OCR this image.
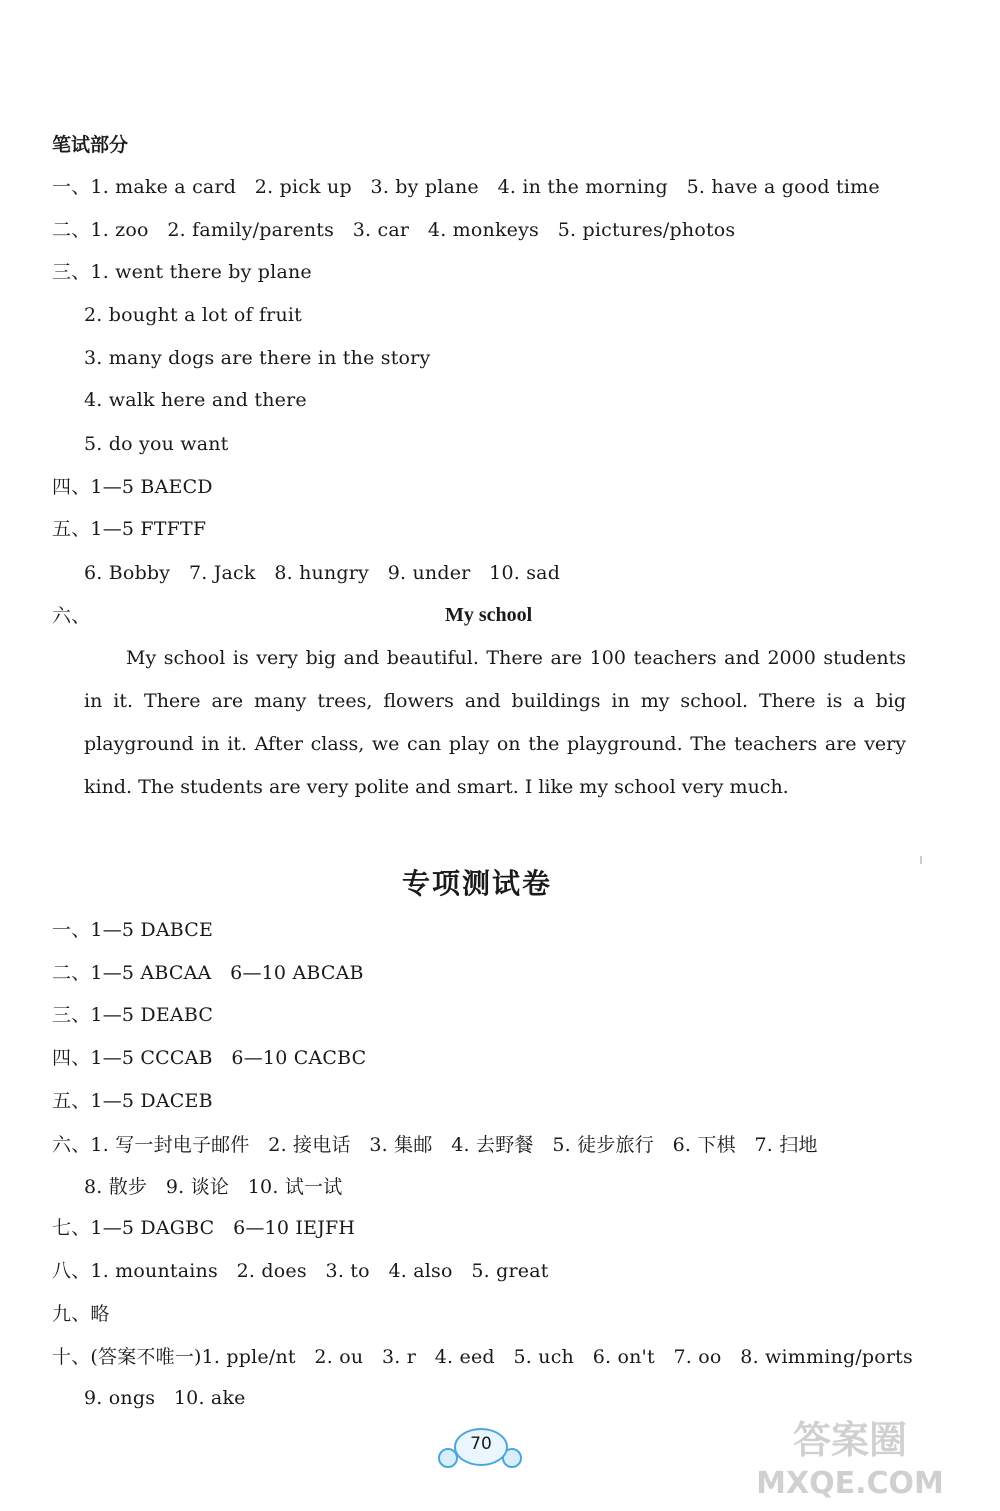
笔试部分
一、1. make a card   2. pick up   3. by plane   4. in the morning   5. have a good time
二、1. zoo   2. family/parents   3. car   4. monkeys   5. pictures/photos
三、1. went there by plane
2. bought a lot of fruit
3. many dogs are there in the story
4. walk here and there
5. do you want
四、1—5 BAECD
五、1—5 FTFTF
6. Bobby   7. Jack   8. hungry   9. under   10. sad
六、	My school
My school is very big and beautiful. There are 100 teachers and 2000 students in it. There are many trees, flowers and buildings in my school. There is a big playground in it. After class, we can play on the playground. The teachers are very kind. The students are very polite and smart. I like my school very much.
专项测试卷
一、1—5 DABCE
二、1—5 ABCAA   6—10 ABCAB
三、1—5 DEABC
四、1—5 CCCAB   6—10 CACBC
五、1—5 DACEB
六、1. 写一封电子邮件   2. 接电话   3. 集邮   4. 去野餐   5. 徒步旅行   6. 下棋   7. 扫地
8. 散步   9. 谈论   10. 试一试
七、1—5 DAGBC   6—10 IEJFH
八、1. mountains   2. does   3. to   4. also   5. great
九、略
十、(答案不唯一)1. pple/nt   2. ou   3. r   4. eed   5. uch   6. on't   7. oo   8. wimming/ports
9. ongs   10. ake
70	答案圈
MXQE.COM
